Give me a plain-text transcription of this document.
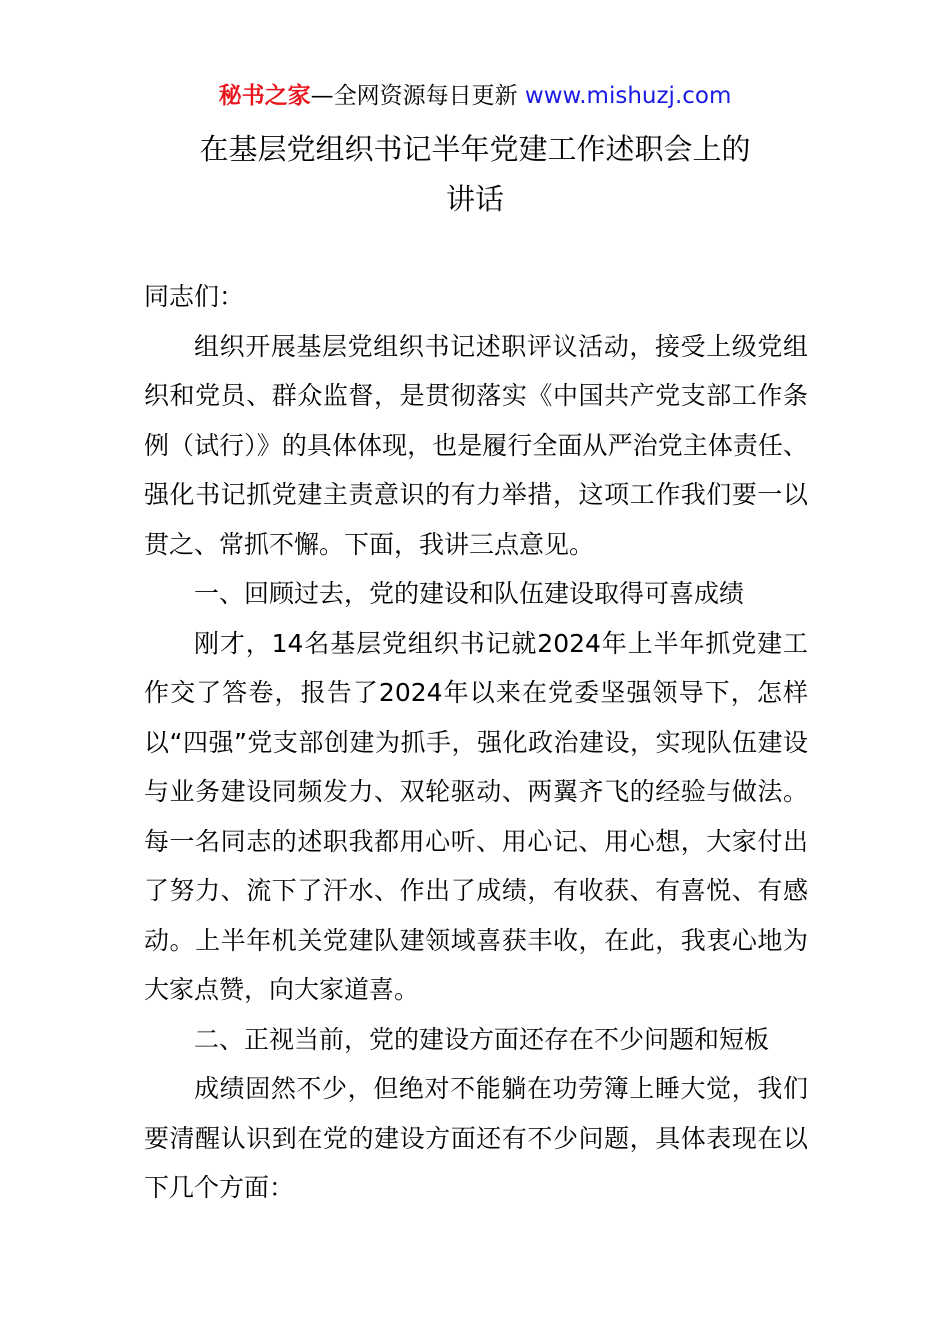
秘书之家—全网资源每日更新 www.mishuzj.com
在基层党组织书记半年党建工作述职会上的
讲话

同志们：

组织开展基层党组织书记述职评议活动，接受上级党组织和党员、群众监督，是贯彻落实《中国共产党支部工作条例（试行）》的具体体现，也是履行全面从严治党主体责任、强化书记抓党建主责意识的有力举措，这项工作我们要一以贯之、常抓不懈。下面，我讲三点意见。

一、回顾过去，党的建设和队伍建设取得可喜成绩

刚才，14名基层党组织书记就2024年上半年抓党建工作交了答卷，报告了2024年以来在党委坚强领导下，怎样以“四强”党支部创建为抓手，强化政治建设，实现队伍建设与业务建设同频发力、双轮驱动、两翼齐飞的经验与做法。每一名同志的述职我都用心听、用心记、用心想，大家付出了努力、流下了汗水、作出了成绩，有收获、有喜悦、有感动。上半年机关党建队建领域喜获丰收，在此，我衷心地为大家点赞，向大家道喜。

二、正视当前，党的建设方面还存在不少问题和短板

成绩固然不少，但绝对不能躺在功劳簿上睡大觉，我们要清醒认识到在党的建设方面还有不少问题，具体表现在以下几个方面：
